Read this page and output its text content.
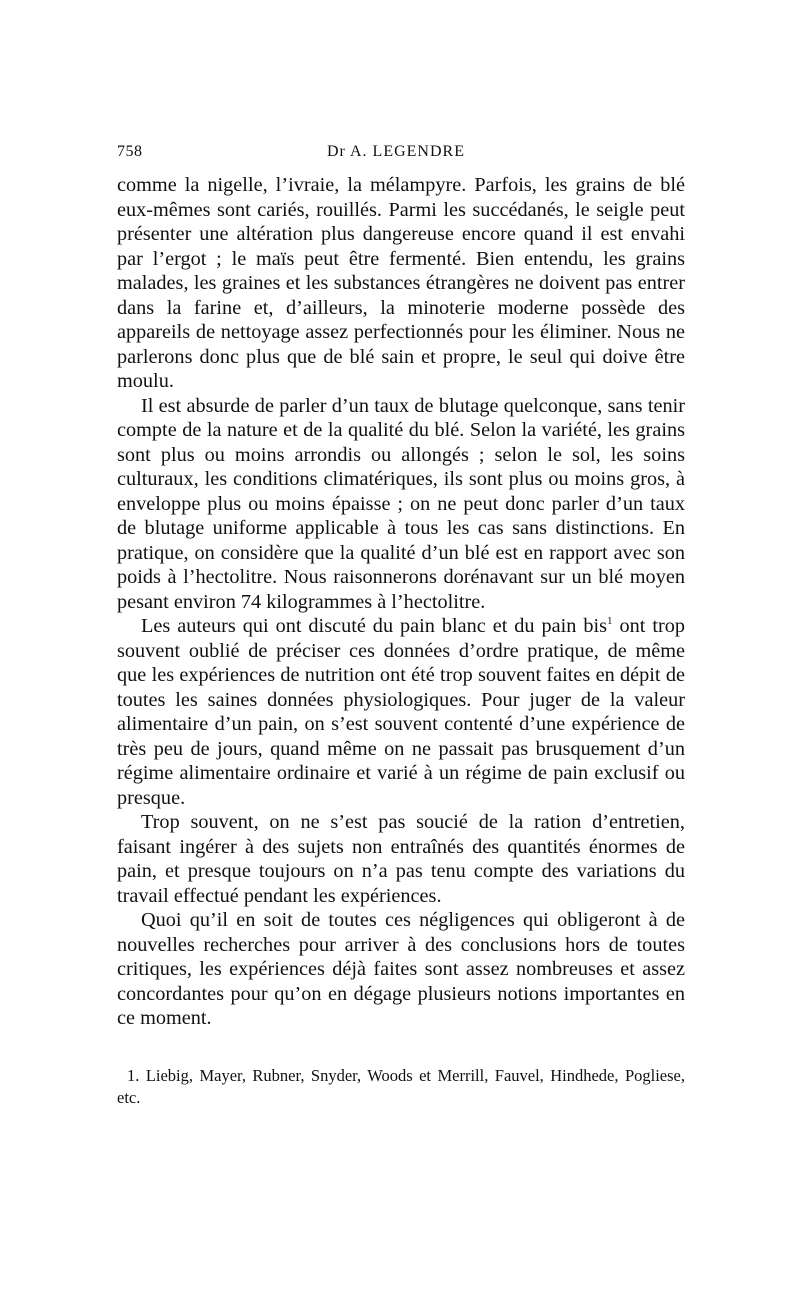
758	Dr A. LEGENDRE

comme la nigelle, l’ivraie, la mélampyre. Parfois, les grains de blé eux-mêmes sont cariés, rouillés. Parmi les succédanés, le seigle peut présenter une altération plus dangereuse encore quand il est envahi par l’ergot ; le maïs peut être fermenté. Bien entendu, les grains malades, les graines et les substances étrangères ne doivent pas entrer dans la farine et, d’ailleurs, la minoterie moderne possède des appareils de nettoyage assez perfectionnés pour les éliminer. Nous ne parlerons donc plus que de blé sain et propre, le seul qui doive être moulu.

Il est absurde de parler d’un taux de blutage quelconque, sans tenir compte de la nature et de la qualité du blé. Selon la variété, les grains sont plus ou moins arrondis ou allongés ; selon le sol, les soins culturaux, les conditions climatériques, ils sont plus ou moins gros, à enveloppe plus ou moins épaisse ; on ne peut donc parler d’un taux de blutage uniforme applicable à tous les cas sans distinctions. En pratique, on considère que la qualité d’un blé est en rapport avec son poids à l’hectolitre. Nous raisonnerons dorénavant sur un blé moyen pesant environ 74 kilogrammes à l’hectolitre.

Les auteurs qui ont discuté du pain blanc et du pain bis$^1$ ont trop souvent oublié de préciser ces données d’ordre pratique, de même que les expériences de nutrition ont été trop souvent faites en dépit de toutes les saines données physiologiques. Pour juger de la valeur alimentaire d’un pain, on s’est souvent contenté d’une expérience de très peu de jours, quand même on ne passait pas brusquement d’un régime alimentaire ordinaire et varié à un régime de pain exclusif ou presque.

Trop souvent, on ne s’est pas soucié de la ration d’entretien, faisant ingérer à des sujets non entraînés des quantités énormes de pain, et presque toujours on n’a pas tenu compte des variations du travail effectué pendant les expériences.

Quoi qu’il en soit de toutes ces négligences qui obligeront à de nouvelles recherches pour arriver à des conclusions hors de toutes critiques, les expériences déjà faites sont assez nombreuses et assez concordantes pour qu’on en dégage plusieurs notions importantes en ce moment.

1. Liebig, Mayer, Rubner, Snyder, Woods et Merrill, Fauvel, Hindhede, Pogliese, etc.
